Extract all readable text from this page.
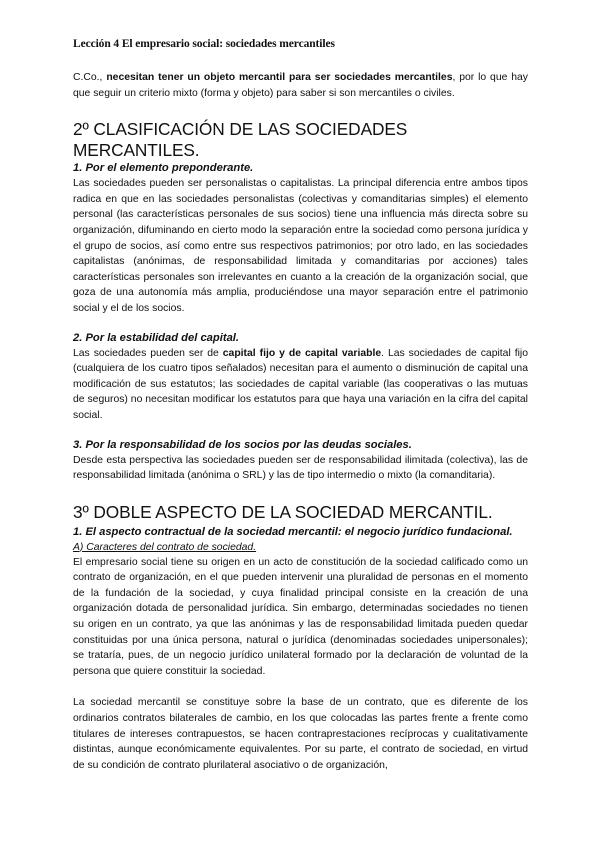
Lección 4 El empresario social: sociedades mercantiles

C.Co., necesitan tener un objeto mercantil para ser sociedades mercantiles, por lo que hay que seguir un criterio mixto (forma y objeto) para saber si son mercantiles o civiles.

2º CLASIFICACIÓN DE LAS SOCIEDADES MERCANTILES.
1. Por el elemento preponderante.

Las sociedades pueden ser personalistas o capitalistas. La principal diferencia entre ambos tipos radica en que en las sociedades personalistas (colectivas y comanditarias simples) el elemento personal (las características personales de sus socios) tiene una influencia más directa sobre su organización, difuminando en cierto modo la separación entre la sociedad como persona jurídica y el grupo de socios, así como entre sus respectivos patrimonios; por otro lado, en las sociedades capitalistas (anónimas, de responsabilidad limitada y comanditarias por acciones) tales características personales son irrelevantes en cuanto a la creación de la organización social, que goza de una autonomía más amplia, produciéndose una mayor separación entre el patrimonio social y el de los socios.

2. Por la estabilidad del capital.

Las sociedades pueden ser de capital fijo y de capital variable. Las sociedades de capital fijo (cualquiera de los cuatro tipos señalados) necesitan para el aumento o disminución de capital una modificación de sus estatutos; las sociedades de capital variable (las cooperativas o las mutuas de seguros) no necesitan modificar los estatutos para que haya una variación en la cifra del capital social.

3. Por la responsabilidad de los socios por las deudas sociales.

Desde esta perspectiva las sociedades pueden ser de responsabilidad ilimitada (colectiva), las de responsabilidad limitada (anónima o SRL) y las de tipo intermedio o mixto (la comanditaria).

3º DOBLE ASPECTO DE LA SOCIEDAD MERCANTIL.
1. El aspecto contractual de la sociedad mercantil: el negocio jurídico fundacional.

A) Caracteres del contrato de sociedad.

El empresario social tiene su origen en un acto de constitución de la sociedad calificado como un contrato de organización, en el que pueden intervenir una pluralidad de personas en el momento de la fundación de la sociedad, y cuya finalidad principal consiste en la creación de una organización dotada de personalidad jurídica. Sin embargo, determinadas sociedades no tienen su origen en un contrato, ya que las anónimas y las de responsabilidad limitada pueden quedar constituidas por una única persona, natural o jurídica (denominadas sociedades unipersonales); se trataría, pues, de un negocio jurídico unilateral formado por la declaración de voluntad de la persona que quiere constituir la sociedad.

La sociedad mercantil se constituye sobre la base de un contrato, que es diferente de los ordinarios contratos bilaterales de cambio, en los que colocadas las partes frente a frente como titulares de intereses contrapuestos, se hacen contraprestaciones recíprocas y cualitativamente distintas, aunque económicamente equivalentes. Por su parte, el contrato de sociedad, en virtud de su condición de contrato plurilateral asociativo o de organización,
